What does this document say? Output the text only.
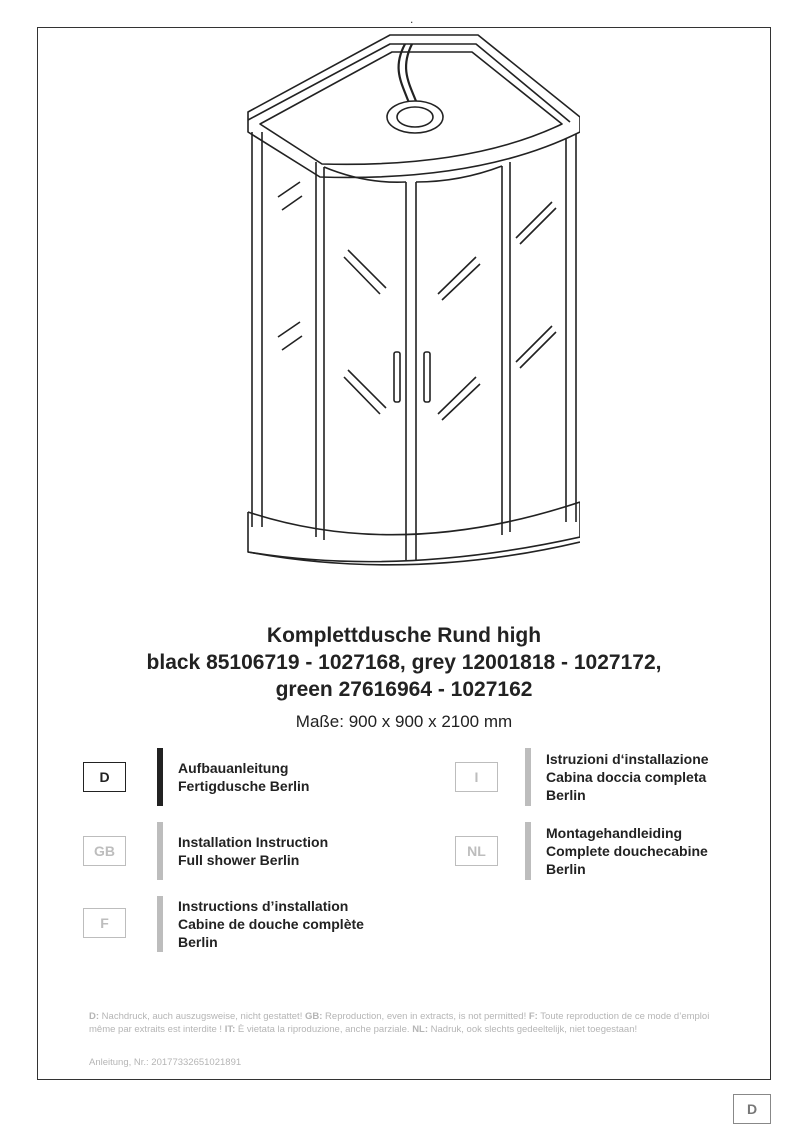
.
Komplettdusche Rund high
black 85106719 - 1027168, grey 12001818 - 1027172,
green 27616964 - 1027162
Maße: 900 x 900 x 2100 mm
D
Aufbauanleitung
Fertigdusche Berlin
GB
Installation Instruction
Full shower Berlin
F
Instructions d’installation
Cabine de douche complète
Berlin
I
Istruzioni d‘installazione
Cabina doccia completa
Berlin
NL
Montagehandleiding
Complete douchecabine
Berlin
D: Nachdruck, auch auszugsweise, nicht gestattet! GB: Reproduction, even in extracts, is not permitted! F: Toute reproduction de ce mode d’emploi même par extraits est interdite ! IT: È vietata la riproduzione, anche parziale. NL: Nadruk, ook slechts gedeeltelijk, niet toegestaan!
Anleitung, Nr.: 20177332651021891
D
